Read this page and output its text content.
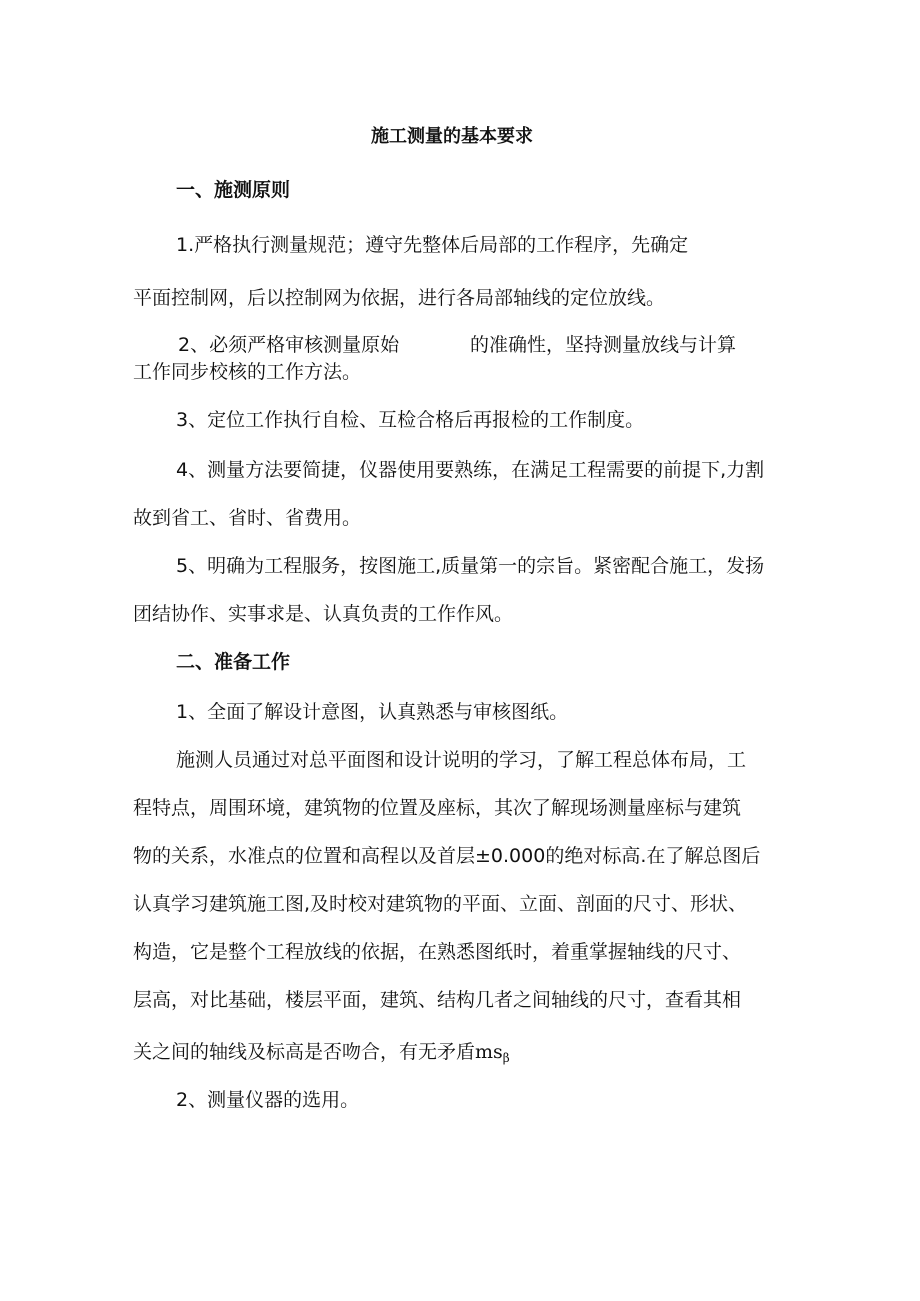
施工测量的基本要求
一、施测原则
1.严格执行测量规范；遵守先整体后局部的工作程序，先确定
平面控制网，后以控制网为依据，进行各局部轴线的定位放线。
2、必须严格审核测量原始	的准确性，坚持测量放线与计算
工作同步校核的工作方法。
3、定位工作执行自检、互检合格后再报检的工作制度。
4、测量方法要简捷，仪器使用要熟练，在满足工程需要的前提下,力割
故到省工、省时、省费用。
5、明确为工程服务，按图施工,质量第一的宗旨。紧密配合施工，发扬
团结协作、实事求是、认真负责的工作作风。
二、准备工作
1、全面了解设计意图，认真熟悉与审核图纸。
施测人员通过对总平面图和设计说明的学习，了解工程总体布局，工
程特点，周围环境，建筑物的位置及座标，其次了解现场测量座标与建筑
物的关系，水准点的位置和高程以及首层±0.000的绝对标高.在了解总图后
认真学习建筑施工图,及时校对建筑物的平面、立面、剖面的尺寸、形状、
构造，它是整个工程放线的依据，在熟悉图纸时，着重掌握轴线的尺寸、
层高，对比基础，楼层平面，建筑、结构几者之间轴线的尺寸，查看其相
关之间的轴线及标高是否吻合，有无矛盾$ms_\beta$
2、测量仪器的选用。
